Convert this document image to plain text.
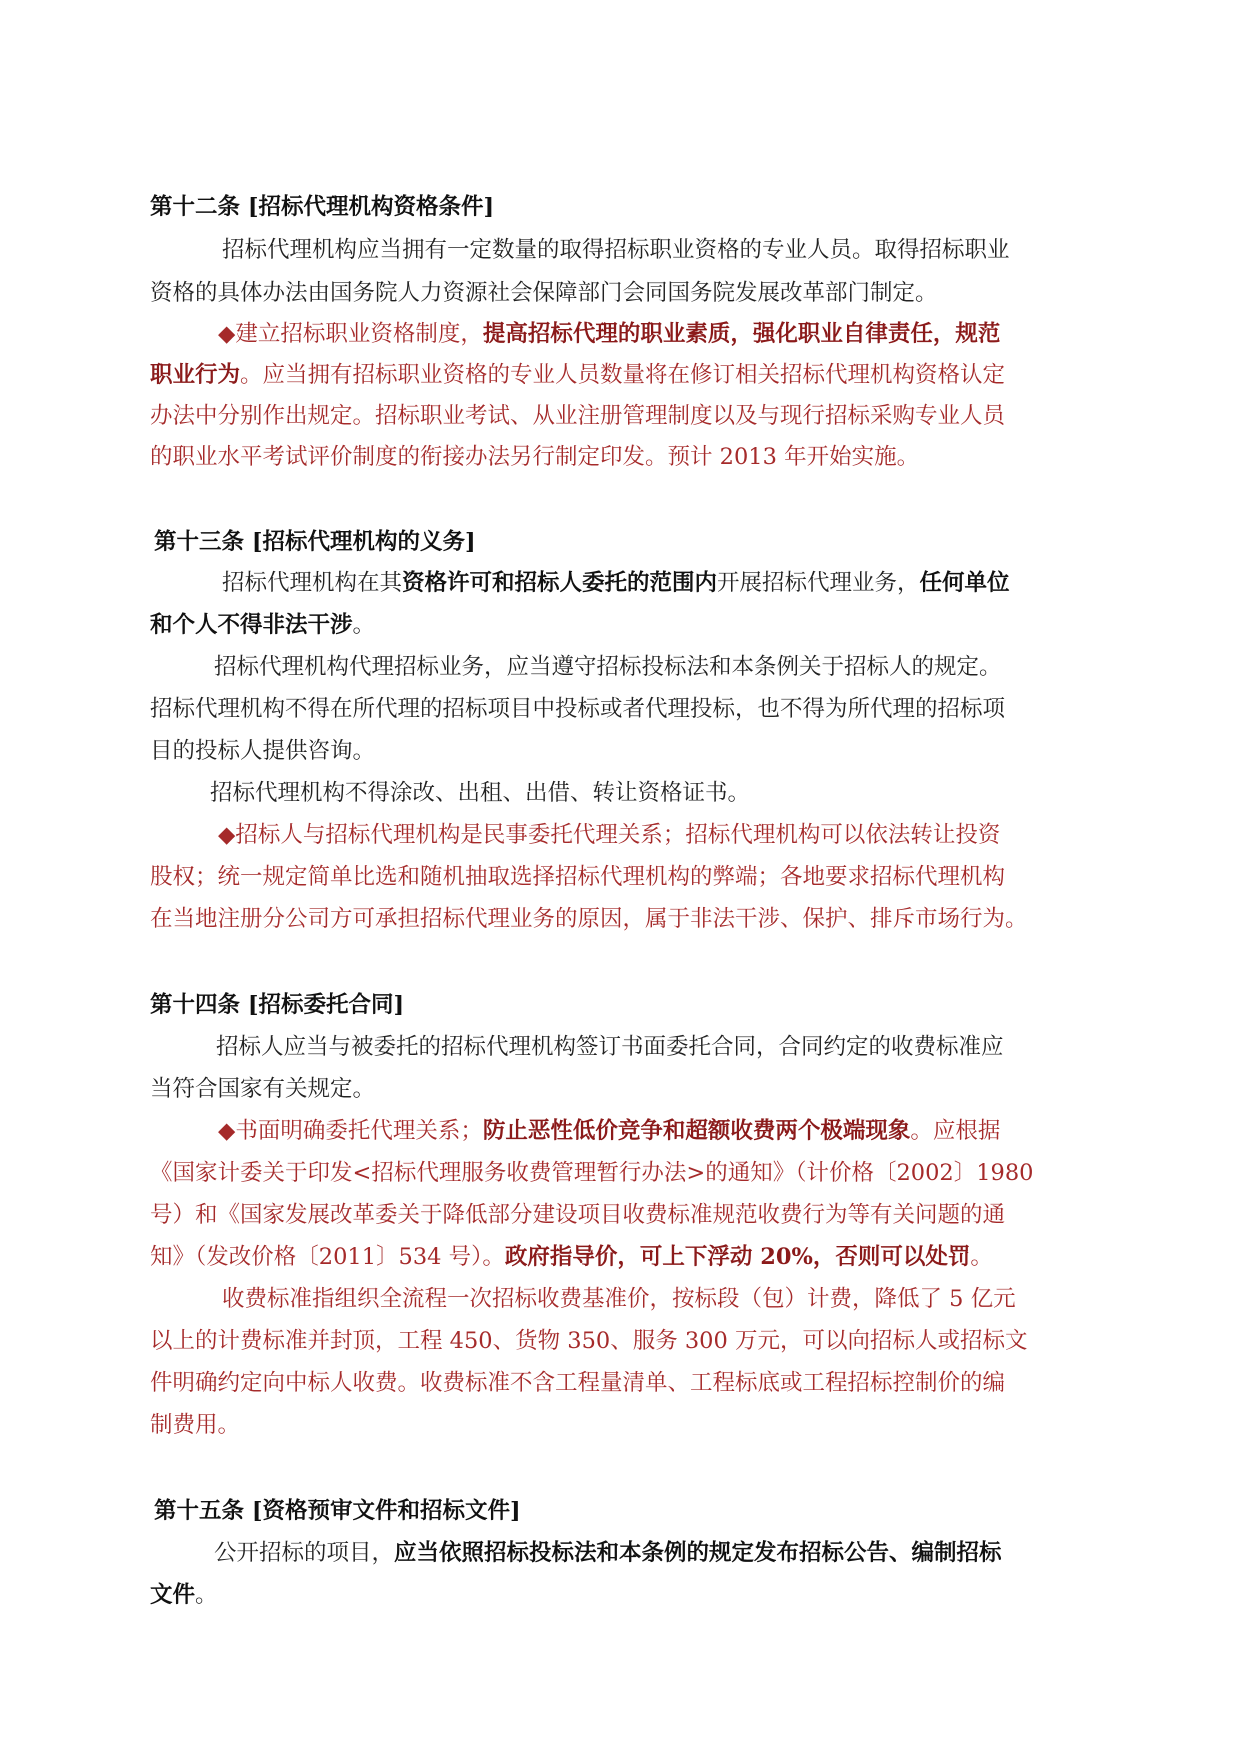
第十二条 [招标代理机构资格条件]

招标代理机构应当拥有一定数量的取得招标职业资格的专业人员。取得招标职业

资格的具体办法由国务院人力资源社会保障部门会同国务院发展改革部门制定。

◆建立招标职业资格制度，提高招标代理的职业素质，强化职业自律责任，规范

职业行为。应当拥有招标职业资格的专业人员数量将在修订相关招标代理机构资格认定

办法中分别作出规定。招标职业考试、从业注册管理制度以及与现行招标采购专业人员

的职业水平考试评价制度的衔接办法另行制定印发。预计 2013 年开始实施。

第十三条 [招标代理机构的义务]

招标代理机构在其资格许可和招标人委托的范围内开展招标代理业务，任何单位

和个人不得非法干涉。

招标代理机构代理招标业务，应当遵守招标投标法和本条例关于招标人的规定。

招标代理机构不得在所代理的招标项目中投标或者代理投标，也不得为所代理的招标项

目的投标人提供咨询。

招标代理机构不得涂改、出租、出借、转让资格证书。

◆招标人与招标代理机构是民事委托代理关系；招标代理机构可以依法转让投资

股权；统一规定简单比选和随机抽取选择招标代理机构的弊端；各地要求招标代理机构

在当地注册分公司方可承担招标代理业务的原因，属于非法干涉、保护、排斥市场行为。

第十四条 [招标委托合同]

招标人应当与被委托的招标代理机构签订书面委托合同，合同约定的收费标准应

当符合国家有关规定。

◆书面明确委托代理关系；防止恶性低价竞争和超额收费两个极端现象。应根据

《国家计委关于印发<招标代理服务收费管理暂行办法>的通知》（计价格〔2002〕1980

号）和《国家发展改革委关于降低部分建设项目收费标准规范收费行为等有关问题的通

知》（发改价格〔2011〕534 号）。政府指导价，可上下浮动 20%，否则可以处罚。

收费标准指组织全流程一次招标收费基准价，按标段（包）计费，降低了 5 亿元

以上的计费标准并封顶，工程 450、货物 350、服务 300 万元，可以向招标人或招标文

件明确约定向中标人收费。收费标准不含工程量清单、工程标底或工程招标控制价的编

制费用。

第十五条 [资格预审文件和招标文件]

公开招标的项目，应当依照招标投标法和本条例的规定发布招标公告、编制招标

文件。
